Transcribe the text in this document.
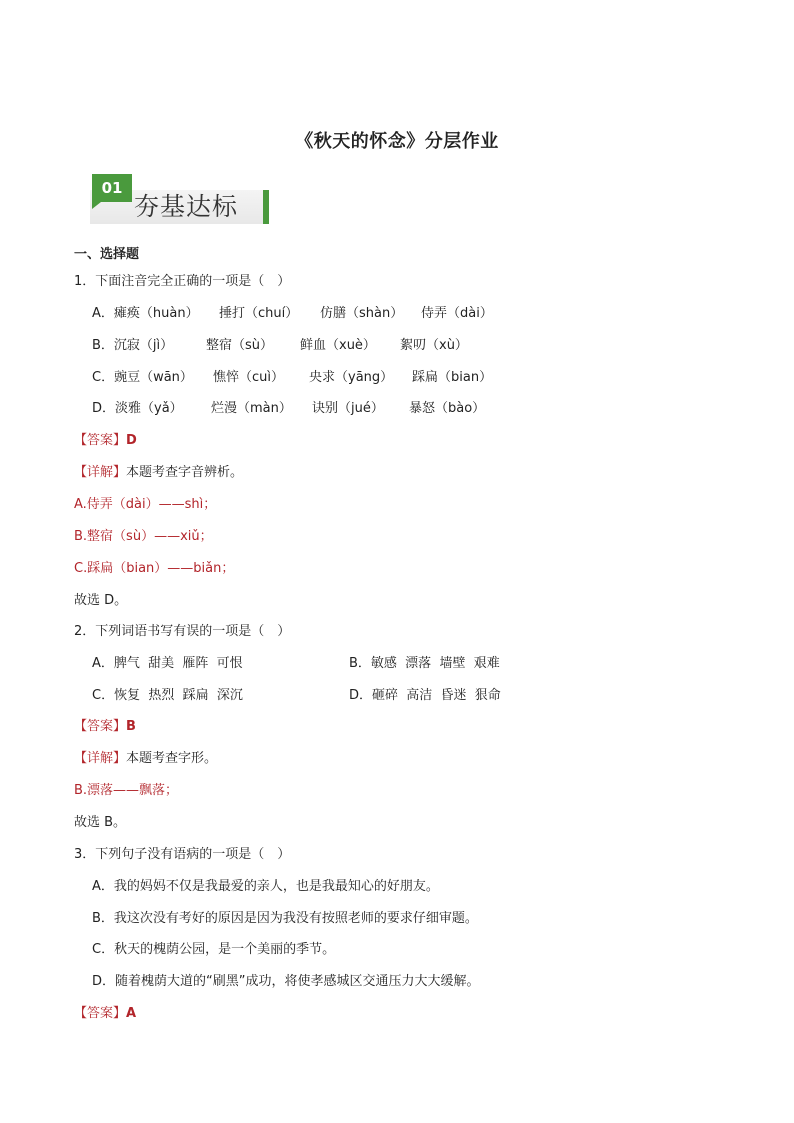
《秋天的怀念》分层作业
01
夯基达标
一、选择题
1．下面注音完全正确的一项是（　）
A．瘫痪（huàn） 捶打（chuí） 仿膳（shàn） 侍弄（dài）
B．沉寂（jì）	整宿（sù） 鲜血（xuè） 絮叨（xù）
C．豌豆（wān） 憔悴（cuì） 央求（yāng） 踩扁（bian）
D．淡雅（yǎ） 烂漫（màn） 诀别（jué） 暴怒（bào）
【答案】D
【详解】本题考查字音辨析。
A.侍弄（dài）——shì；
B.整宿（sù）——xiǔ；
C.踩扁（bian）——biǎn；
故选 D。
2．下列词语书写有误的一项是（　）
A．脾气  甜美  雁阵  可恨	B．敏感  漂落  墙壁  艰难
C．恢复  热烈  踩扁  深沉	D．砸碎  高洁  昏迷  狠命
【答案】B
【详解】本题考查字形。
B.漂落——飘落；
故选 B。
3．下列句子没有语病的一项是（　）
A．我的妈妈不仅是我最爱的亲人，也是我最知心的好朋友。
B．我这次没有考好的原因是因为我没有按照老师的要求仔细审题。
C．秋天的槐荫公园，是一个美丽的季节。
D．随着槐荫大道的“刷黑”成功，将使孝感城区交通压力大大缓解。
【答案】A
